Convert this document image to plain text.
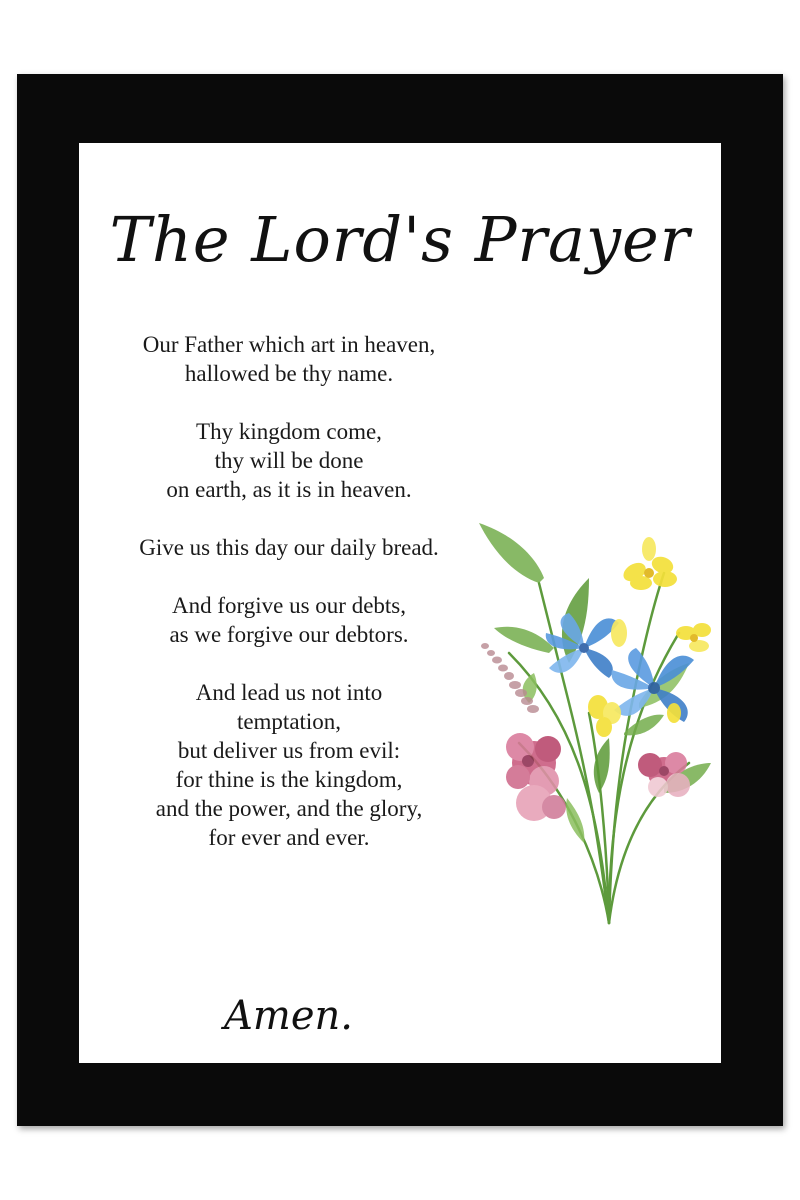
The Lord's Prayer

Our Father which art in heaven,
hallowed be thy name.

Thy kingdom come,
thy will be done
on earth, as it is in heaven.

Give us this day our daily bread.

And forgive us our debts,
as we forgive our debtors.

And lead us not into
temptation,
but deliver us from evil:
for thine is the kingdom,
and the power, and the glory,
for ever and ever.

Amen.
